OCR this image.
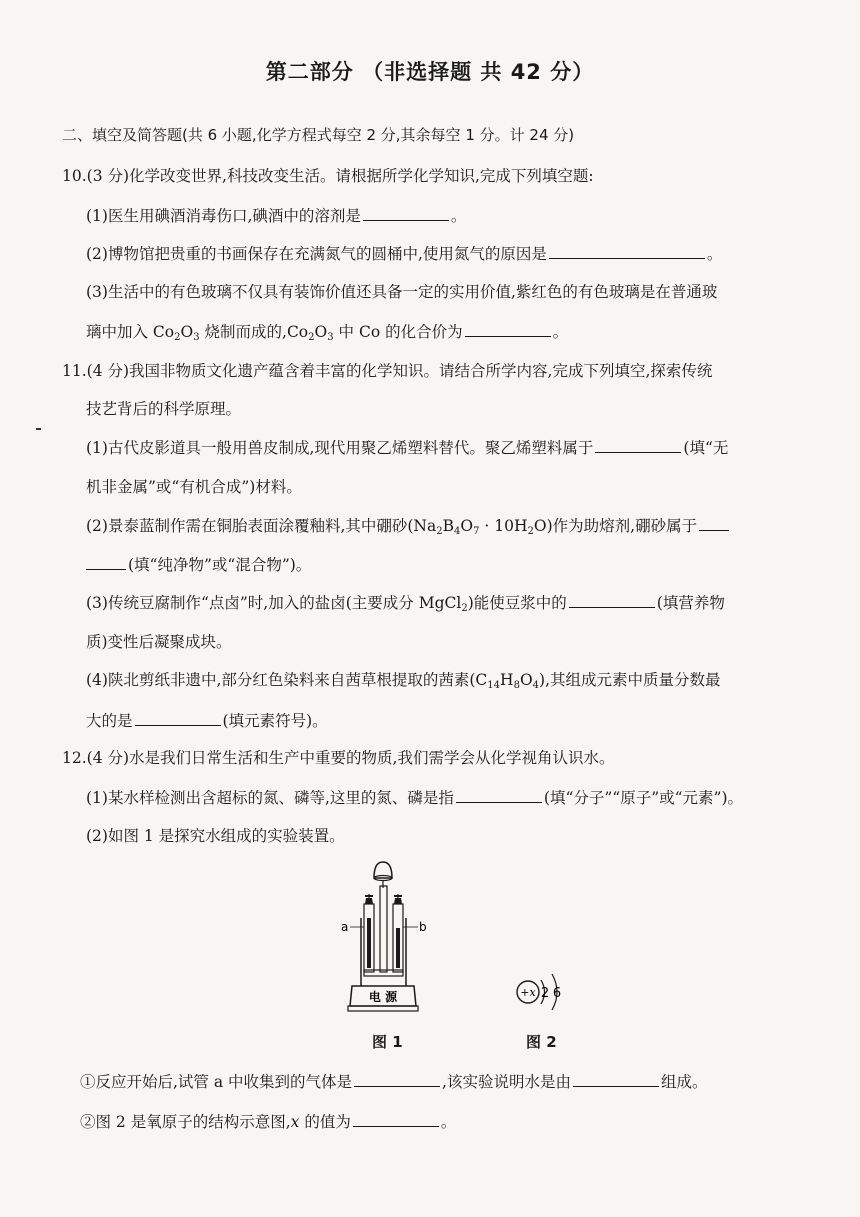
第二部分 （非选择题 共 42 分）
二、填空及简答题(共 6 小题,化学方程式每空 2 分,其余每空 1 分。计 24 分)
10.(3 分)化学改变世界,科技改变生活。请根据所学化学知识,完成下列填空题:
(1)医生用碘酒消毒伤口,碘酒中的溶剂是	。
(2)博物馆把贵重的书画保存在充满氮气的圆桶中,使用氮气的原因是	。
(3)生活中的有色玻璃不仅具有装饰价值还具备一定的实用价值,紫红色的有色玻璃是在普通玻
璃中加入 $Co_2O_3$ 烧制而成的$,Co_2O_3$ 中 Co 的化合价为	。
11.(4 分)我国非物质文化遗产蕴含着丰富的化学知识。请结合所学内容,完成下列填空,探索传统
技艺背后的科学原理。
(1)古代皮影道具一般用兽皮制成,现代用聚乙烯塑料替代。聚乙烯塑料属于	(填“无
机非金属”或“有机合成”)材料。
(2)景泰蓝制作需在铜胎表面涂覆釉料,其中硼砂$(Na_2B_4O_7 \cdot 10H_2O)$作为助熔剂,硼砂属于
(填“纯净物”或“混合物”)。
(3)传统豆腐制作“点卤”时,加入的盐卤(主要成分 MgCl$_2$)能使豆浆中的	(填营养物
质)变性后凝聚成块。
(4)陕北剪纸非遗中,部分红色染料来自茜草根提取的茜素$(C_{14}H_8O_4)$,其组成元素中质量分数最
大的是	(填元素符号)。
12.(4 分)水是我们日常生活和生产中重要的物质,我们需学会从化学视角认识水。
(1)某水样检测出含超标的氮、磷等,这里的氮、磷是指	(填“分子”“原子”或“元素”)。
(2)如图 1 是探究水组成的实验装置。
a	b
电 源
图 1
+x 2 6
图 2
①反应开始后,试管 a 中收集到的气体是	,该实验说明水是由	组成。
②图 2 是氧原子的结构示意图,x 的值为	。
